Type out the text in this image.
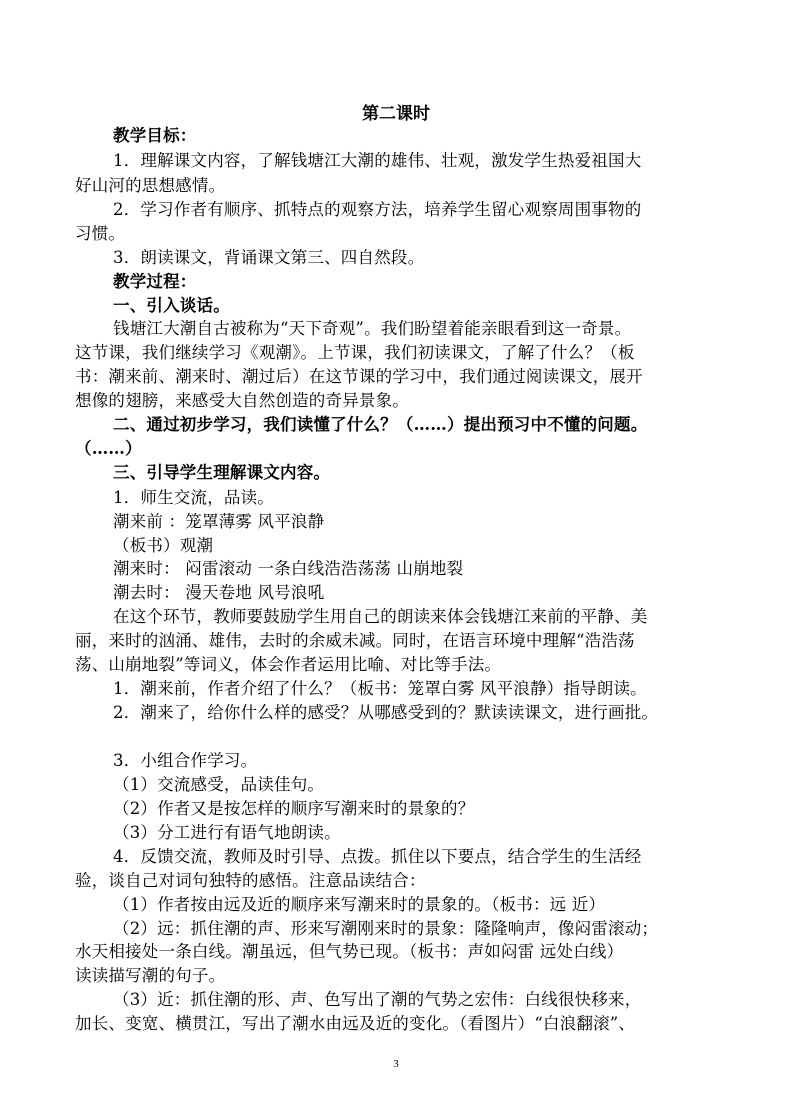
第二课时
教学目标：
1．理解课文内容，了解钱塘江大潮的雄伟、壮观，激发学生热爱祖国大
好山河的思想感情。
2．学习作者有顺序、抓特点的观察方法，培养学生留心观察周围事物的
习惯。
3．朗读课文，背诵课文第三、四自然段。
教学过程：
一、引入谈话。
钱塘江大潮自古被称为“天下奇观”。我们盼望着能亲眼看到这一奇景。
这节课，我们继续学习《观潮》。上节课，我们初读课文，了解了什么？（板
书：潮来前、潮来时、潮过后）在这节课的学习中，我们通过阅读课文，展开
想像的翅膀，来感受大自然创造的奇异景象。
二、通过初步学习，我们读懂了什么？（……）提出预习中不懂的问题。
（……）
三、引导学生理解课文内容。
1．师生交流，品读。
潮来前 ：笼罩薄雾 风平浪静
（板书）观潮
潮来时： 闷雷滚动 一条白线浩浩荡荡 山崩地裂
潮去时： 漫天卷地 风号浪吼
在这个环节，教师要鼓励学生用自己的朗读来体会钱塘江来前的平静、美
丽，来时的汹涌、雄伟，去时的余威未减。同时，在语言环境中理解“浩浩荡
荡、山崩地裂”等词义，体会作者运用比喻、对比等手法。
1．潮来前，作者介绍了什么？（板书：笼罩白雾 风平浪静）指导朗读。
2．潮来了，给你什么样的感受？从哪感受到的？默读读课文，进行画批。
3．小组合作学习。
（1）交流感受，品读佳句。
（2）作者又是按怎样的顺序写潮来时的景象的？
（3）分工进行有语气地朗读。
4．反馈交流，教师及时引导、点拨。抓住以下要点，结合学生的生活经
验，谈自己对词句独特的感悟。注意品读结合：
（1）作者按由远及近的顺序来写潮来时的景象的。（板书：远 近）
（2）远：抓住潮的声、形来写潮刚来时的景象：隆隆响声，像闷雷滚动；
水天相接处一条白线。潮虽远，但气势已现。（板书：声如闷雷 远处白线）
读读描写潮的句子。
（3）近：抓住潮的形、声、色写出了潮的气势之宏伟：白线很快移来，
加长、变宽、横贯江，写出了潮水由远及近的变化。（看图片）“白浪翻滚”、
3
